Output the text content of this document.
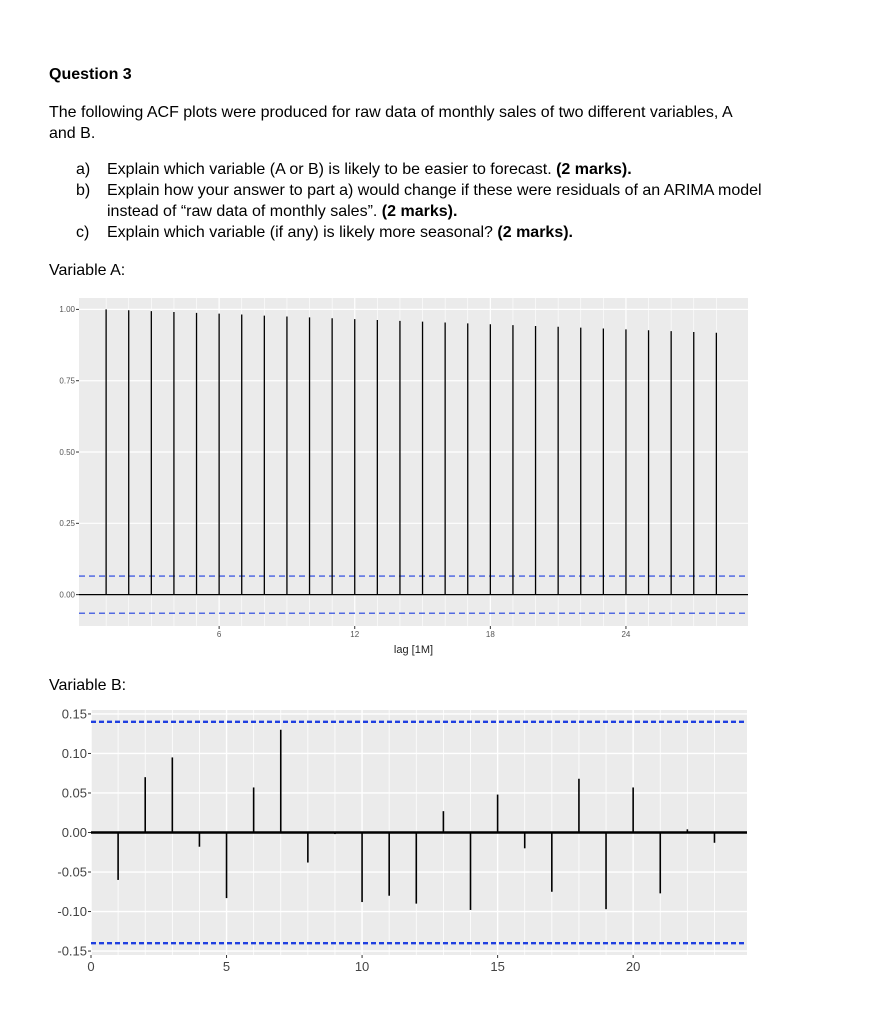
Question 3
The following ACF plots were produced for raw data of monthly sales of two different variables, A and B.
a)	Explain which variable (A or B) is likely to be easier to forecast. (2 marks).
b)	Explain how your answer to part a) would change if these were residuals of an ARIMA model instead of “raw data of monthly sales”. (2 marks).
c)	Explain which variable (if any) is likely more seasonal? (2 marks).
Variable A:
Variable B:
0.00
0.25
0.50
0.75
1.00
6	12	18	24
lag [1M]
0.15
0.10
0.05
0.00
-0.05
-0.10
-0.15
0	5	10	15	20
